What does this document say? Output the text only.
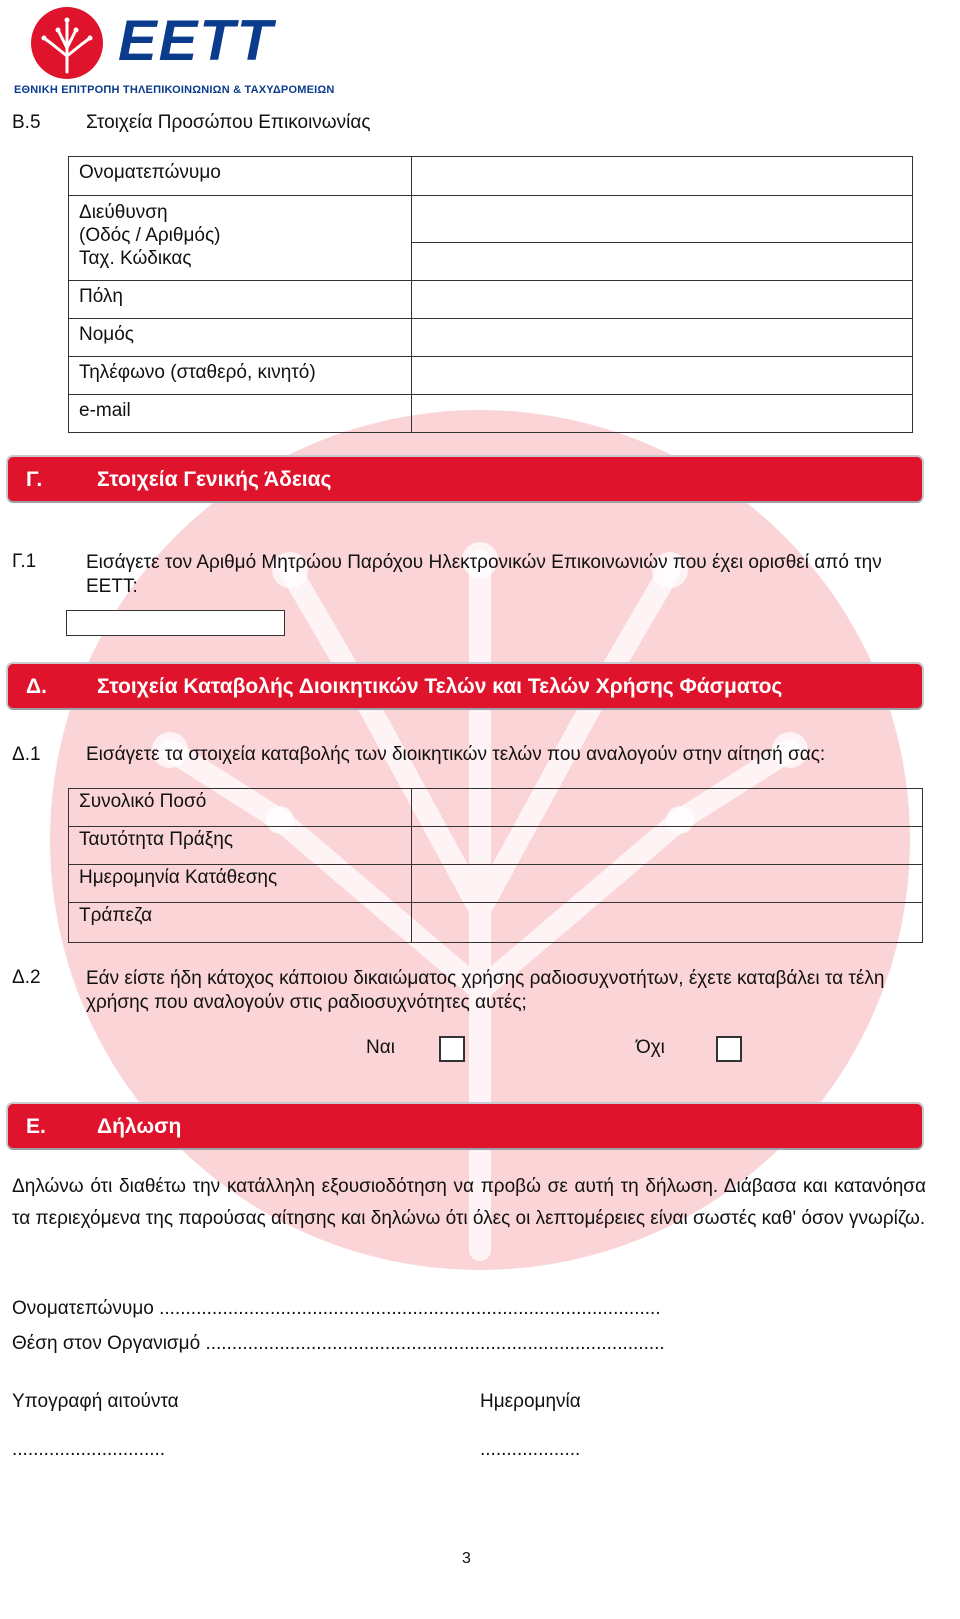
ΕΕΤΤ
ΕΘΝΙΚΗ ΕΠΙΤΡΟΠΗ ΤΗΛΕΠΙΚΟΙΝΩΝΙΩΝ & ΤΑΧΥΔΡΟΜΕΙΩΝ
Β.5 Στοιχεία Προσώπου Επικοινωνίας
Ονοματεπώνυμο	
Διεύθυνση
(Οδός / Αριθμός)
Ταχ. Κώδικας	

Πόλη	
Νομός	
Τηλέφωνο (σταθερό, κινητό)	
e-mail	
Γ.	Στοιχεία Γενικής Άδειας
Γ.1	Εισάγετε τον Αριθμό Μητρώου Παρόχου Ηλεκτρονικών Επικοινωνιών που έχει ορισθεί από την ΕΕΤΤ:
Δ. Στοιχεία Καταβολής Διοικητικών Τελών και Τελών Χρήσης Φάσματος
Δ.1 Εισάγετε τα στοιχεία καταβολής των διοικητικών τελών που αναλογούν στην αίτησή σας:
Συνολικό Ποσό	
Ταυτότητα Πράξης	
Ημερομηνία Κατάθεσης	
Τράπεζα	
Δ.2 Εάν είστε ήδη κάτοχος κάποιου δικαιώματος χρήσης ραδιοσυχνοτήτων, έχετε καταβάλει τα τέλη χρήσης που αναλογούν στις ραδιοσυχνότητες αυτές;
Ναι	Όχι
Ε. Δήλωση
Δηλώνω ότι διαθέτω την κατάλληλη εξουσιοδότηση να προβώ σε αυτή τη δήλωση. Διάβασα και κατανόησα τα περιεχόμενα της παρούσας αίτησης και δηλώνω ότι όλες οι λεπτομέρειες είναι σωστές καθ' όσον γνωρίζω.
Ονοματεπώνυμο ...............................................................................................
Θέση στον Οργανισμό .......................................................................................
Υπογραφή αιτούντα	Ημερομηνία
.............................	...................
3
